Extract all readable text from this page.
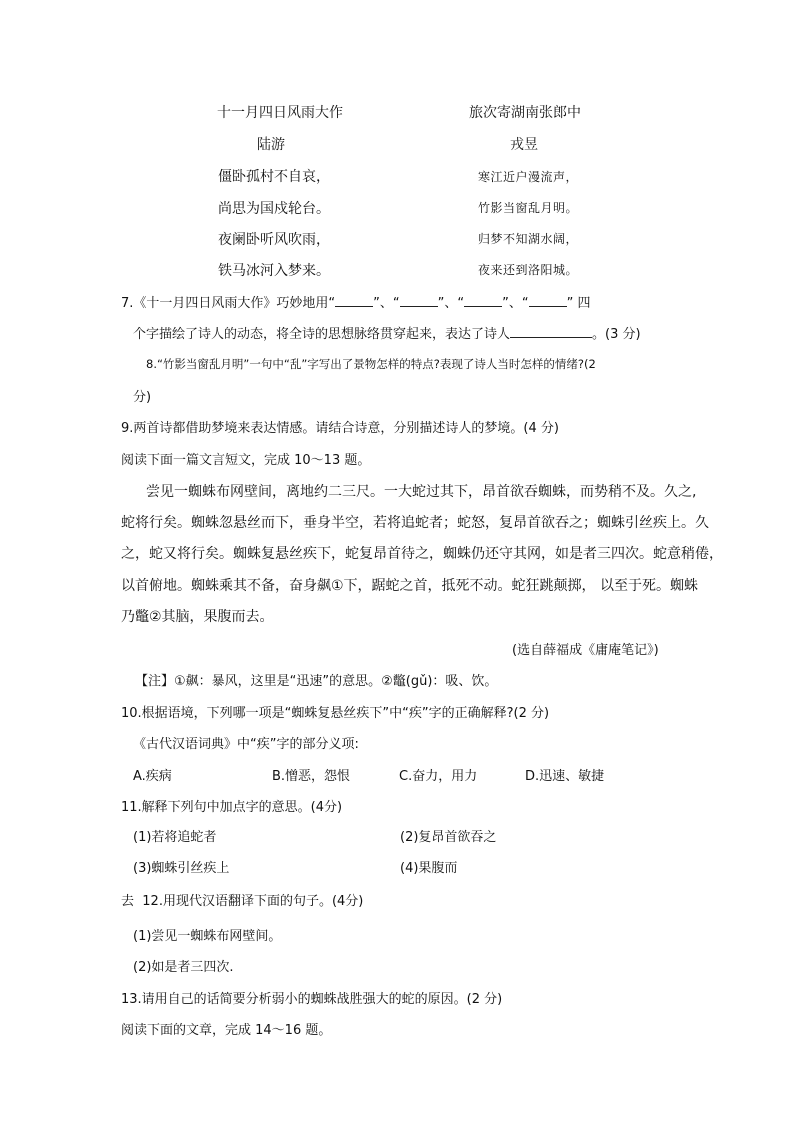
十一月四日风雨大作
陆游
僵卧孤村不自哀，
尚思为国戍轮台。
夜阑卧听风吹雨，
铁马冰河入梦来。
旅次寄湖南张郎中
戎昱
寒江近户漫流声，
竹影当窗乱月明。
归梦不知湖水阔，
夜来还到洛阳城。
7.《十一月四日风雨大作》巧妙地用“	”、“	”、“	”、“	” 四
个字描绘了诗人的动态，将全诗的思想脉络贯穿起来，表达了诗人	。(3 分)
8.“竹影当窗乱月明”一句中“乱”字写出了景物怎样的特点?表现了诗人当时怎样的情绪?(2
分)
9.两首诗都借助梦境来表达情感。请结合诗意，分别描述诗人的梦境。(4 分)
阅读下面一篇文言短文，完成 10～13 题。
尝见一蜘蛛布网壁间，离地约二三尺。一大蛇过其下，昂首欲吞蜘蛛，而势稍不及。久之,
蛇将行矣。蜘蛛忽悬丝而下，垂身半空，若将追蛇者；蛇怒，复昂首欲吞之；蜘蛛引丝疾上。久
之，蛇又将行矣。蜘蛛复悬丝疾下，蛇复昂首待之，蜘蛛仍还守其网，如是者三四次。蛇意稍倦，
以首俯地。蜘蛛乘其不备，奋身飙①下，踞蛇之首，抵死不动。蛇狂跳颠掷， 以至于死。蜘蛛
乃鼈②其脑，果腹而去。
(选自薛福成《庸庵笔记》)
【注】①飙：暴风，这里是“迅速”的意思。②鼈(gǔ)：吸、饮。
10.根据语境，下列哪一项是“蜘蛛复悬丝疾下”中“疾”字的正确解释?(2 分)
《古代汉语词典》中“疾”字的部分义项:
A.疾病	B.憎恶，怨恨	C.奋力，用力	D.迅速、敏捷
11.解释下列句中加点字的意思。(4分)
(1)若将追蛇者	(2)复昂首欲吞之
(3)蜘蛛引丝疾上	(4)果腹而
去 12.用现代汉语翻译下面的句子。(4分)
(1)尝见一蜘蛛布网壁间。
(2)如是者三四次.
13.请用自己的话简要分析弱小的蜘蛛战胜强大的蛇的原因。(2 分)
阅读下面的文章，完成 14～16 题。
